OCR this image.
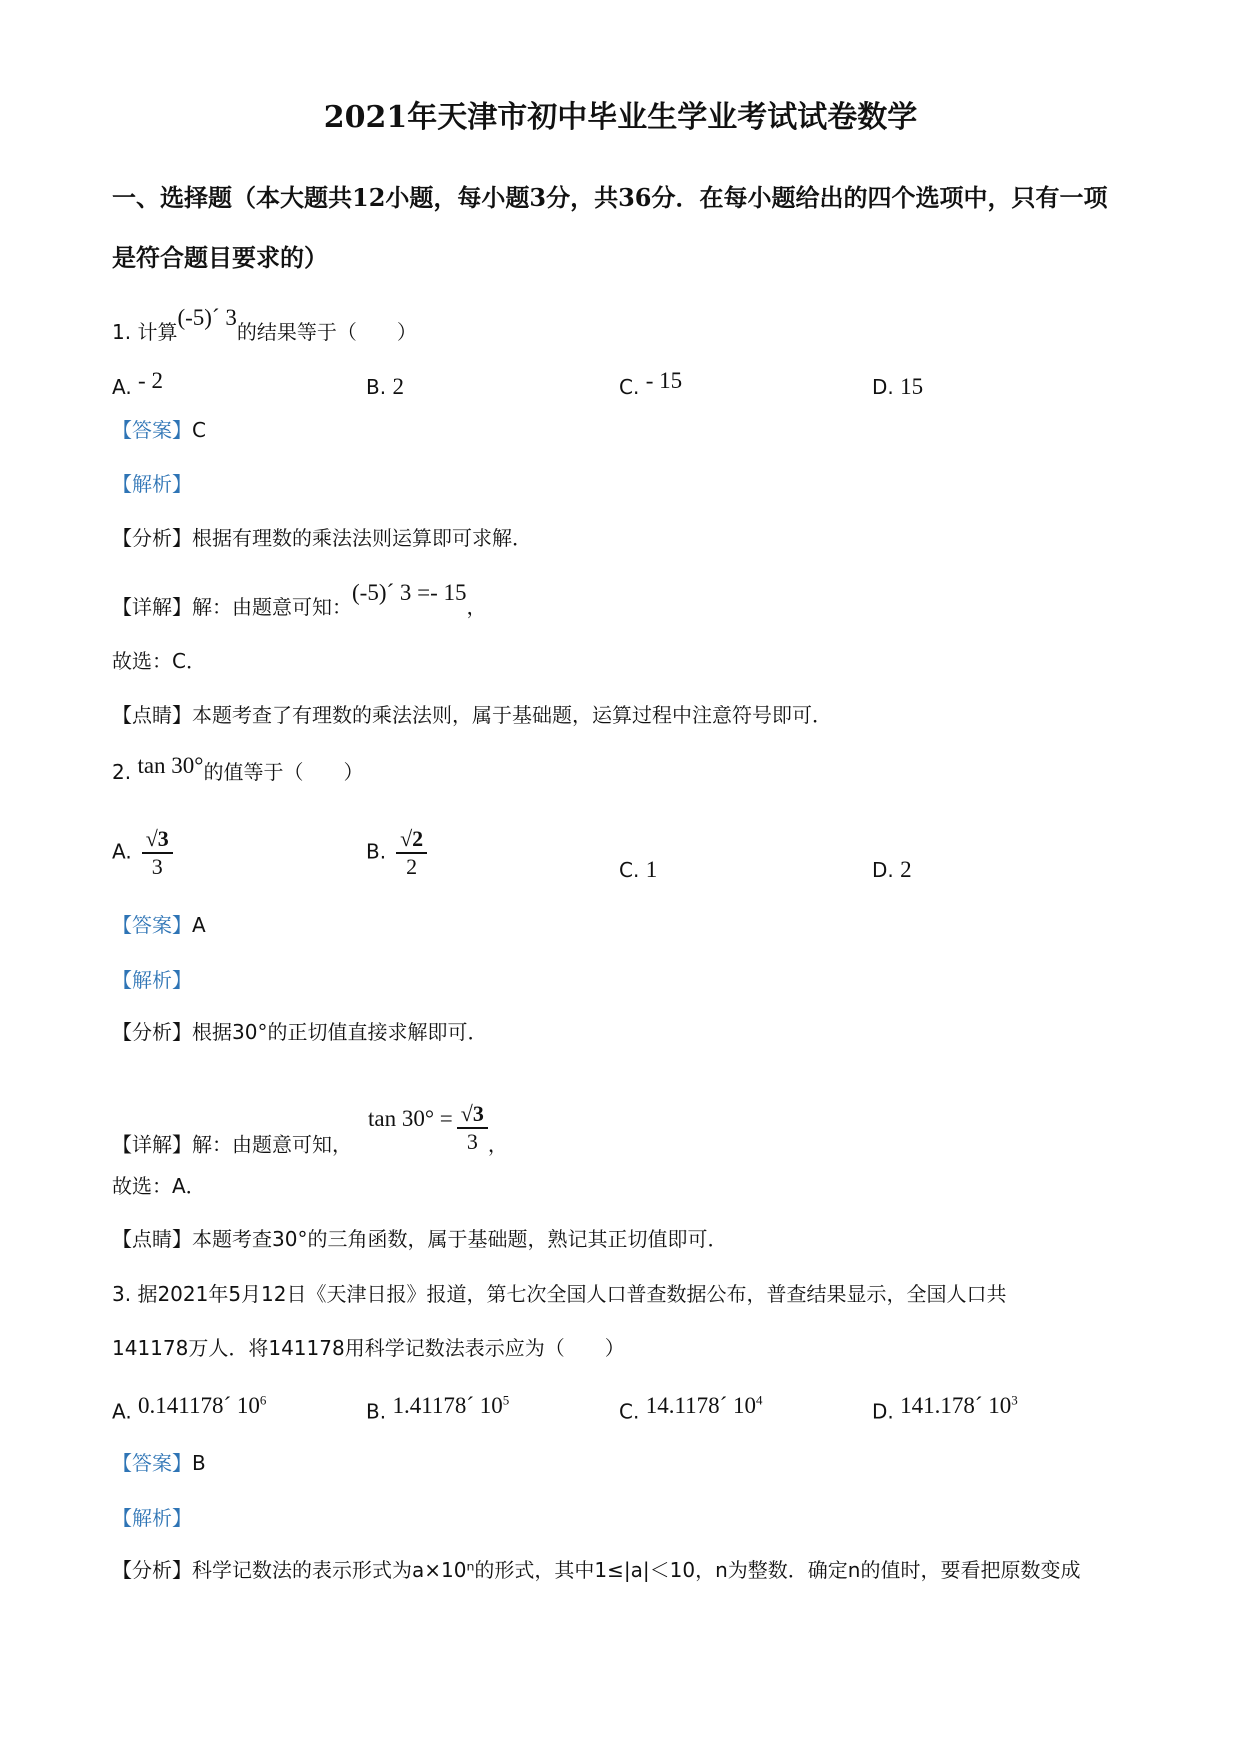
2021年天津市初中毕业生学业考试试卷数学
一、选择题（本大题共12小题，每小题3分，共36分．在每小题给出的四个选项中，只有一项
是符合题目要求的）
1. 计算(-5)´ 3的结果等于（　　）
A. - 2	B. 2	C. - 15	D. 15
【答案】C
【解析】
【分析】根据有理数的乘法法则运算即可求解．
【详解】解：由题意可知：(-5)´ 3 =- 15，
故选：C．
【点睛】本题考查了有理数的乘法法则，属于基础题，运算过程中注意符号即可．
2. tan 30°的值等于（　　）
A. $\frac{√3}{3}$	B. $\frac{√2}{2}$	C. 1	D. 2
【答案】A
【解析】
【分析】根据30°的正切值直接求解即可．
【详解】解：由题意可知，$\tan 30^\circ = \frac{√3}{3}$ ，
故选：A．
【点睛】本题考查30°的三角函数，属于基础题，熟记其正切值即可．
3. 据2021年5月12日《天津日报》报道，第七次全国人口普查数据公布，普查结果显示，全国人口共
141178万人．将141178用科学记数法表示应为（　　）
A. 0.141178´ $10^6$
B. 1.41178´ $10^5$
C. 14.1178´ $10^4$
D. 141.178´ $10^3$
【答案】B
【解析】
【分析】科学记数法的表示形式为a×10ⁿ的形式，其中1≤|a|＜10，n为整数．确定n的值时，要看把原数变成
